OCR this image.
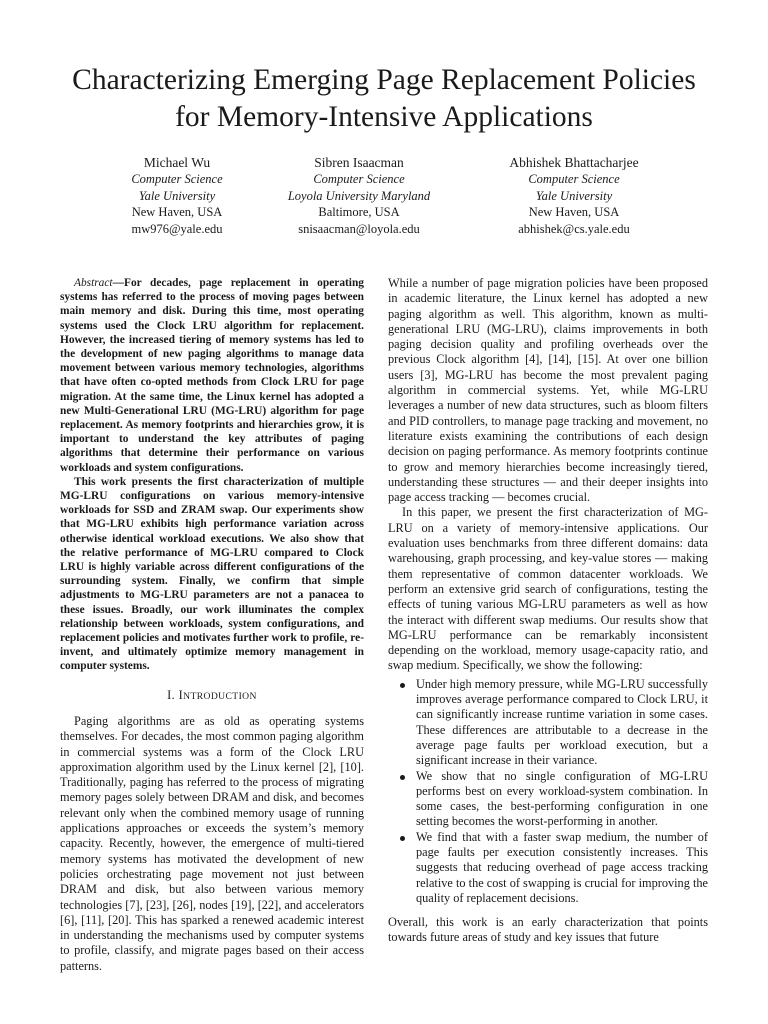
Characterizing Emerging Page Replacement Policies
for Memory-Intensive Applications
Michael Wu
Computer Science
Yale University
New Haven, USA
mw976@yale.edu
Sibren Isaacman
Computer Science
Loyola University Maryland
Baltimore, USA
snisaacman@loyola.edu
Abhishek Bhattacharjee
Computer Science
Yale University
New Haven, USA
abhishek@cs.yale.edu

Abstract—For decades, page replacement in operating systems has referred to the process of moving pages between main memory and disk. During this time, most operating systems used the Clock LRU algorithm for replacement. However, the increased tiering of memory systems has led to the development of new paging algorithms to manage data movement between various memory technologies, algorithms that have often co-opted methods from Clock LRU for page migration. At the same time, the Linux kernel has adopted a new Multi-Generational LRU (MG-LRU) algorithm for page replacement. As memory footprints and hierarchies grow, it is important to understand the key attributes of paging algorithms that determine their performance on various workloads and system configurations.

This work presents the first characterization of multiple MG-LRU configurations on various memory-intensive workloads for SSD and ZRAM swap. Our experiments show that MG-LRU exhibits high performance variation across otherwise identical workload executions. We also show that the relative performance of MG-LRU compared to Clock LRU is highly variable across different configurations of the surrounding system. Finally, we confirm that simple adjustments to MG-LRU parameters are not a panacea to these issues. Broadly, our work illuminates the complex relationship between workloads, system configurations, and replacement policies and motivates further work to profile, re-invent, and ultimately optimize memory management in computer systems.

I. INTRODUCTION

Paging algorithms are as old as operating systems themselves. For decades, the most common paging algorithm in commercial systems was a form of the Clock LRU approximation algorithm used by the Linux kernel [2], [10]. Traditionally, paging has referred to the process of migrating memory pages solely between DRAM and disk, and becomes relevant only when the combined memory usage of running applications approaches or exceeds the system’s memory capacity. Recently, however, the emergence of multi-tiered memory systems has motivated the development of new policies orchestrating page movement not just between DRAM and disk, but also between various memory technologies [7], [23], [26], nodes [19], [22], and accelerators [6], [11], [20]. This has sparked a renewed academic interest in understanding the mechanisms used by computer systems to profile, classify, and migrate pages based on their access patterns.

While a number of page migration policies have been proposed in academic literature, the Linux kernel has adopted a new paging algorithm as well. This algorithm, known as multi-generational LRU (MG-LRU), claims improvements in both paging decision quality and profiling overheads over the previous Clock algorithm [4], [14], [15]. At over one billion users [3], MG-LRU has become the most prevalent paging algorithm in commercial systems. Yet, while MG-LRU leverages a number of new data structures, such as bloom filters and PID controllers, to manage page tracking and movement, no literature exists examining the contributions of each design decision on paging performance. As memory footprints continue to grow and memory hierarchies become increasingly tiered, understanding these structures — and their deeper insights into page access tracking — becomes crucial.

In this paper, we present the first characterization of MG-LRU on a variety of memory-intensive applications. Our evaluation uses benchmarks from three different domains: data warehousing, graph processing, and key-value stores — making them representative of common datacenter workloads. We perform an extensive grid search of configurations, testing the effects of tuning various MG-LRU parameters as well as how the interact with different swap mediums. Our results show that MG-LRU performance can be remarkably inconsistent depending on the workload, memory usage-capacity ratio, and swap medium. Specifically, we show the following:

Under high memory pressure, while MG-LRU successfully improves average performance compared to Clock LRU, it can significantly increase runtime variation in some cases. These differences are attributable to a decrease in the average page faults per workload execution, but a significant increase in their variance.
We show that no single configuration of MG-LRU performs best on every workload-system combination. In some cases, the best-performing configuration in one setting becomes the worst-performing in another.
We find that with a faster swap medium, the number of page faults per execution consistently increases. This suggests that reducing overhead of page access tracking relative to the cost of swapping is crucial for improving the quality of replacement decisions.

Overall, this work is an early characterization that points towards future areas of study and key issues that future
